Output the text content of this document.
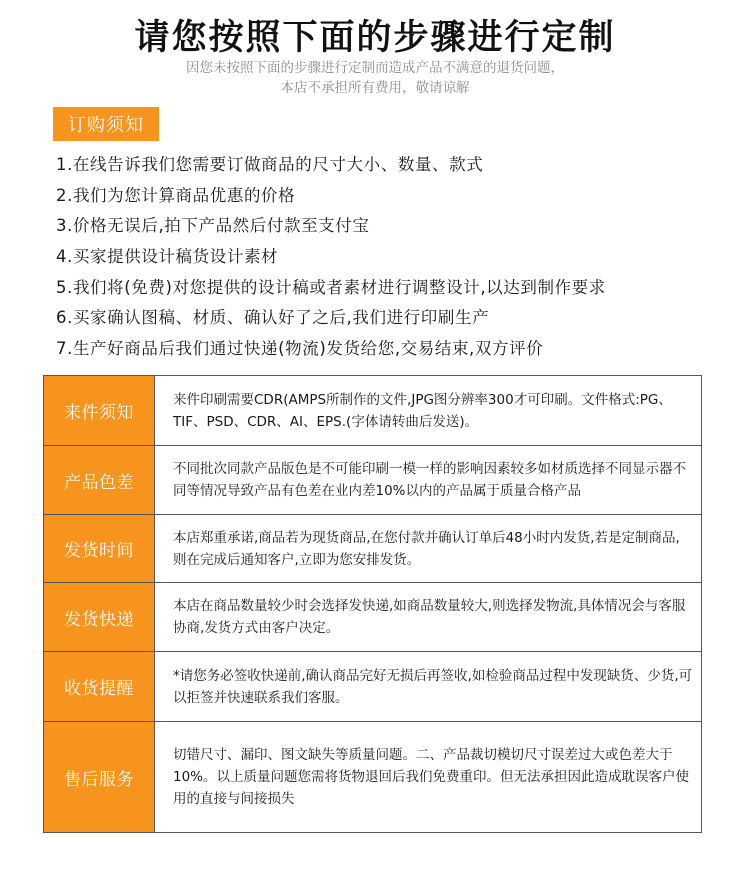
请您按照下面的步骤进行定制
因您未按照下面的步骤进行定制而造成产品不满意的退货问题，
本店不承担所有费用，敬请谅解
订购须知
1.在线告诉我们您需要订做商品的尺寸大小、数量、款式
2.我们为您计算商品优惠的价格
3.价格无误后,拍下产品然后付款至支付宝
4.买家提供设计稿货设计素材
5.我们将(免费)对您提供的设计稿或者素材进行调整设计,以达到制作要求
6.买家确认图稿、材质、确认好了之后,我们进行印刷生产
7.生产好商品后我们通过快递(物流)发货给您,交易结束,双方评价
来件须知
来件印刷需要CDR(AMPS所制作的文件,JPG图分辨率300才可印刷。文件格式:PG、TIF、PSD、CDR、AI、EPS.(字体请转曲后发送)。
产品色差
不同批次同款产品版色是不可能印刷一模一样的影响因素较多如材质选择不同显示器不同等情况导致产品有色差在业内差10%以内的产品属于质量合格产品
发货时间
本店郑重承诺,商品若为现货商品,在您付款并确认订单后48小时内发货,若是定制商品,则在完成后通知客户,立即为您安排发货。
发货快递
本店在商品数量较少时会选择发快递,如商品数量较大,则选择发物流,具体情况会与客服协商,发货方式由客户决定。
收货提醒
*请您务必签收快递前,确认商品完好无损后再签收,如检验商品过程中发现缺货、少货,可以拒签并快速联系我们客服。
售后服务
切错尺寸、漏印、图文缺失等质量问题。二、产品裁切模切尺寸误差过大或色差大于10%。以上质量问题您需将货物退回后我们免费重印。但无法承担因此造成耽误客户使用的直接与间接损失
